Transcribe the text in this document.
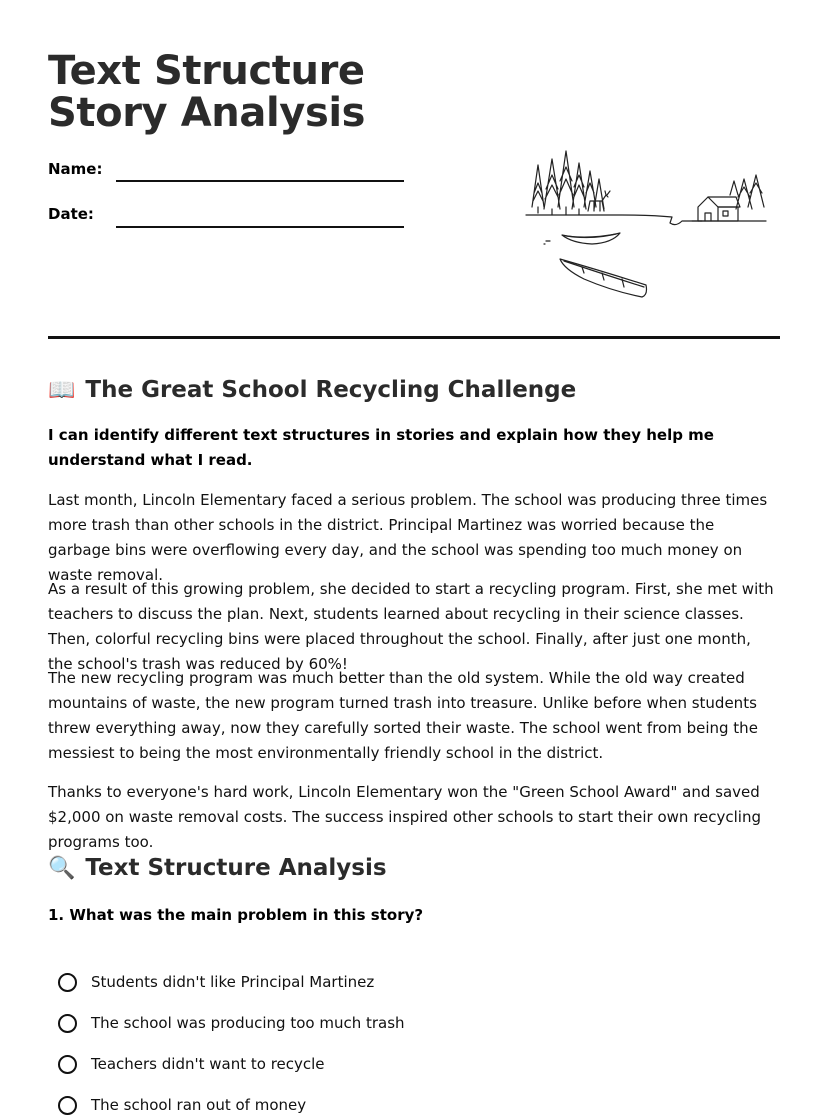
Text Structure Story Analysis
Name:
Date:
📖 The Great School Recycling Challenge

I can identify different text structures in stories and explain how they help me understand what I read.

Last month, Lincoln Elementary faced a serious problem. The school was producing three times more trash than other schools in the district. Principal Martinez was worried because the garbage bins were overflowing every day, and the school was spending too much money on waste removal.

As a result of this growing problem, she decided to start a recycling program. First, she met with teachers to discuss the plan. Next, students learned about recycling in their science classes. Then, colorful recycling bins were placed throughout the school. Finally, after just one month, the school's trash was reduced by 60%!

The new recycling program was much better than the old system. While the old way created mountains of waste, the new program turned trash into treasure. Unlike before when students threw everything away, now they carefully sorted their waste. The school went from being the messiest to being the most environmentally friendly school in the district.

Thanks to everyone's hard work, Lincoln Elementary won the "Green School Award" and saved $2,000 on waste removal costs. The success inspired other schools to start their own recycling programs too.

🔍 Text Structure Analysis

1. What was the main problem in this story?

Students didn't like Principal Martinez
The school was producing too much trash
Teachers didn't want to recycle
The school ran out of money
